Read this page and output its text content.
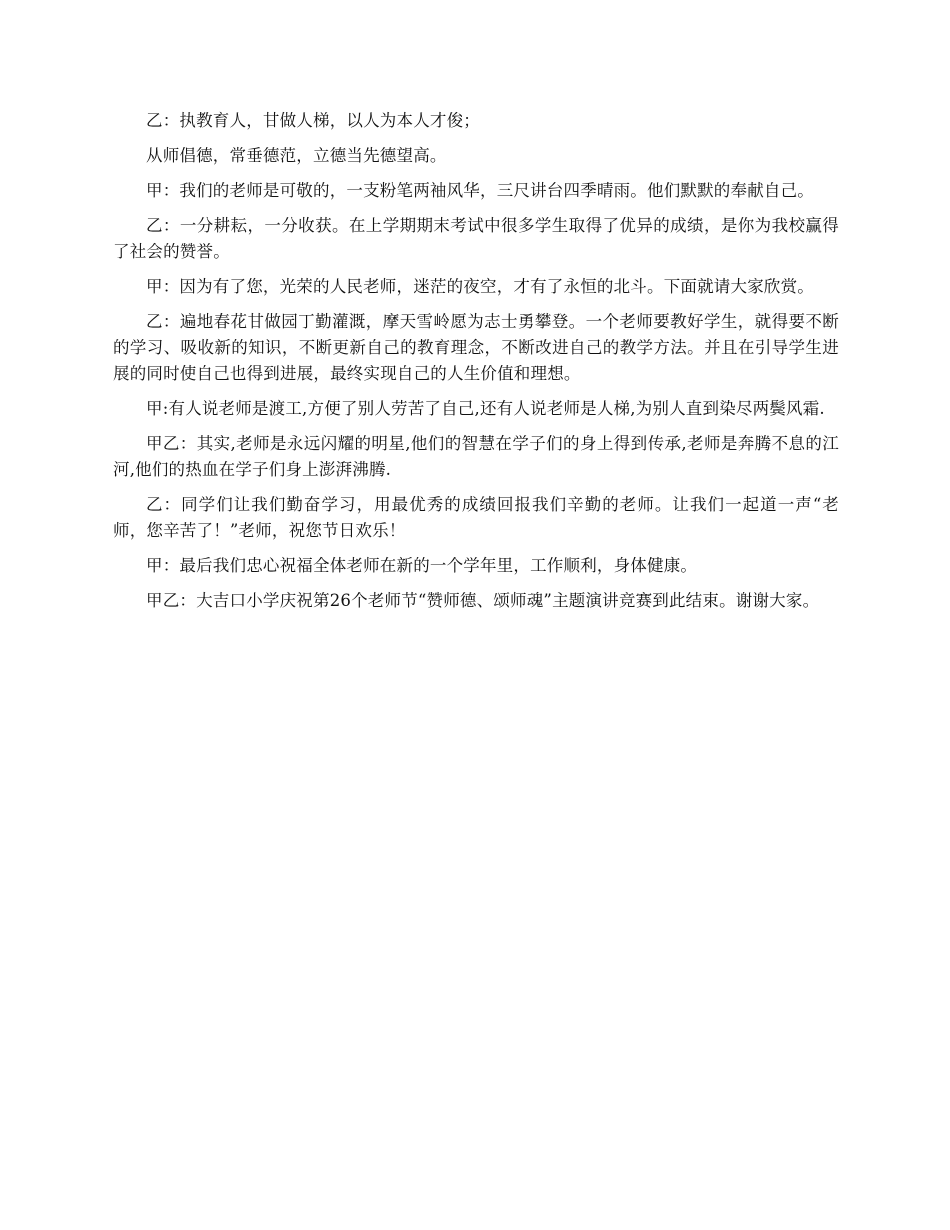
乙：执教育人，甘做人梯，以人为本人才俊；

从师倡德，常垂德范，立德当先德望高。

甲：我们的老师是可敬的，一支粉笔两袖风华，三尺讲台四季晴雨。他们默默的奉献自己。

乙：一分耕耘，一分收获。在上学期期末考试中很多学生取得了优异的成绩，是你为我校赢得了社会的赞誉。

甲：因为有了您，光荣的人民老师，迷茫的夜空，才有了永恒的北斗。下面就请大家欣赏。

乙：遍地春花甘做园丁勤灌溉，摩天雪岭愿为志士勇攀登。一个老师要教好学生，就得要不断的学习、吸收新的知识，不断更新自己的教育理念，不断改进自己的教学方法。并且在引导学生进展的同时使自己也得到进展，最终实现自己的人生价值和理想。

甲:有人说老师是渡工,方便了别人劳苦了自己,还有人说老师是人梯,为别人直到染尽两鬓风霜.

甲乙：其实,老师是永远闪耀的明星,他们的智慧在学子们的身上得到传承,老师是奔腾不息的江河,他们的热血在学子们身上澎湃沸腾.

乙：同学们让我们勤奋学习，用最优秀的成绩回报我们辛勤的老师。让我们一起道一声“老师，您辛苦了！”老师，祝您节日欢乐！

甲：最后我们忠心祝福全体老师在新的一个学年里，工作顺利，身体健康。

甲乙：大吉口小学庆祝第26个老师节“赞师德、颂师魂”主题演讲竞赛到此结束。谢谢大家。
